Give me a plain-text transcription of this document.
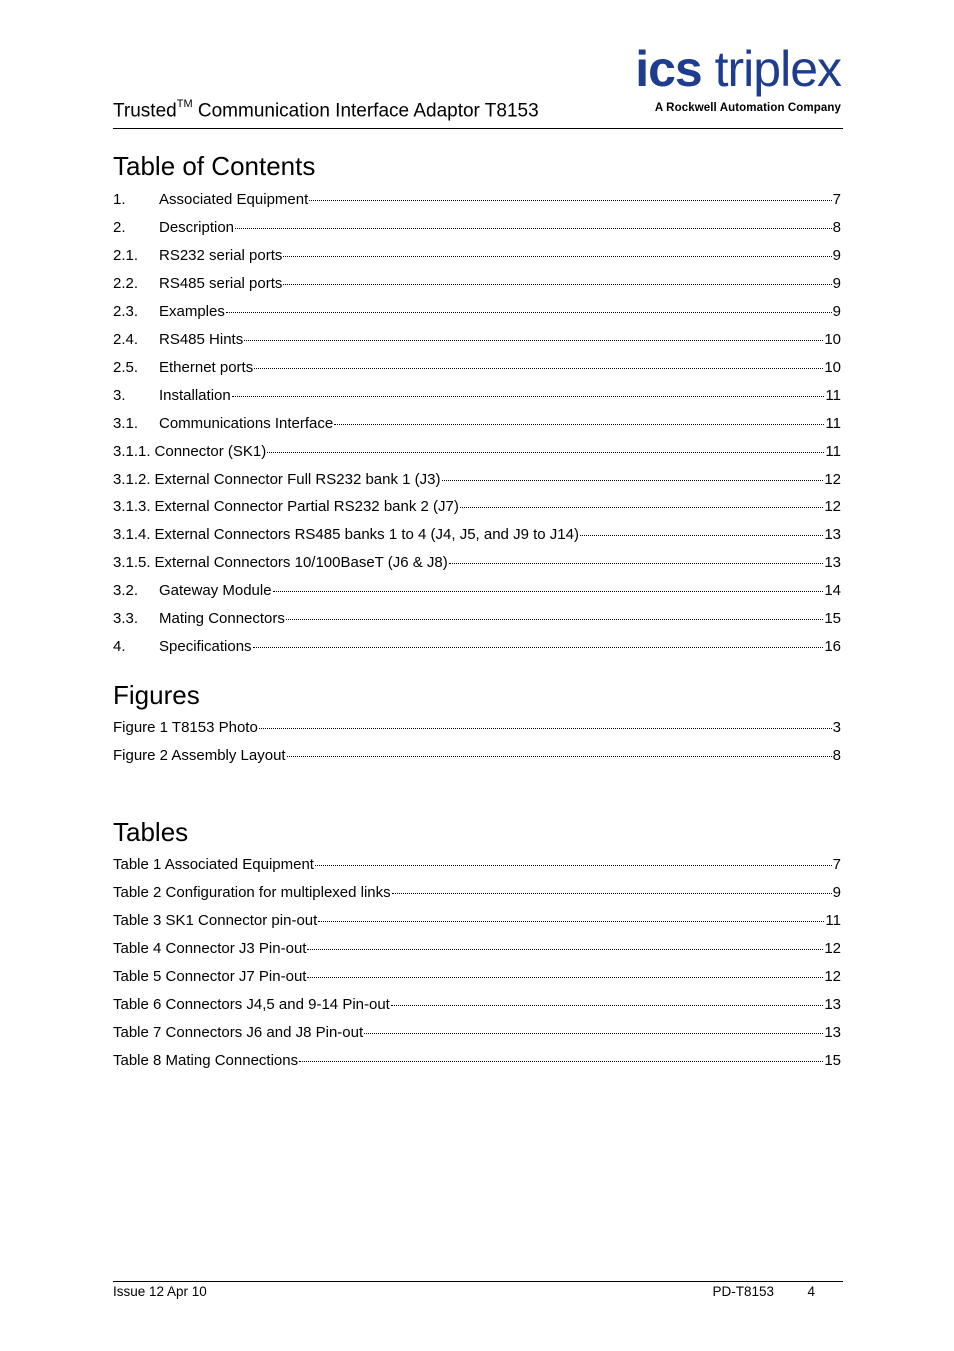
Trusted™ Communication Interface Adaptor T8153
ics triplex
A Rockwell Automation Company
Table of Contents
1.	Associated Equipment	7
2.	Description	8
2.1.	RS232 serial ports	9
2.2.	RS485 serial ports	9
2.3.	Examples	9
2.4.	RS485 Hints	10
2.5.	Ethernet ports	10
3.	Installation	11
3.1.	Communications Interface	11
3.1.1. Connector (SK1)	11
3.1.2. External Connector Full RS232 bank 1 (J3)	12
3.1.3. External Connector Partial RS232 bank 2 (J7)	12
3.1.4. External Connectors RS485 banks 1 to 4 (J4, J5, and J9 to J14)	13
3.1.5. External Connectors 10/100BaseT (J6 & J8)	13
3.2.	Gateway Module	14
3.3.	Mating Connectors	15
4.	Specifications	16
Figures
Figure 1 T8153 Photo	3
Figure 2 Assembly Layout	8
Tables
Table 1 Associated Equipment	7
Table 2 Configuration for multiplexed links	9
Table 3 SK1 Connector pin-out	11
Table 4 Connector J3 Pin-out	12
Table 5 Connector J7 Pin-out	12
Table 6 Connectors J4,5 and 9-14 Pin-out	13
Table 7 Connectors J6 and J8 Pin-out	13
Table 8 Mating Connections	15
Issue 12 Apr 10	PD-T8153 4
